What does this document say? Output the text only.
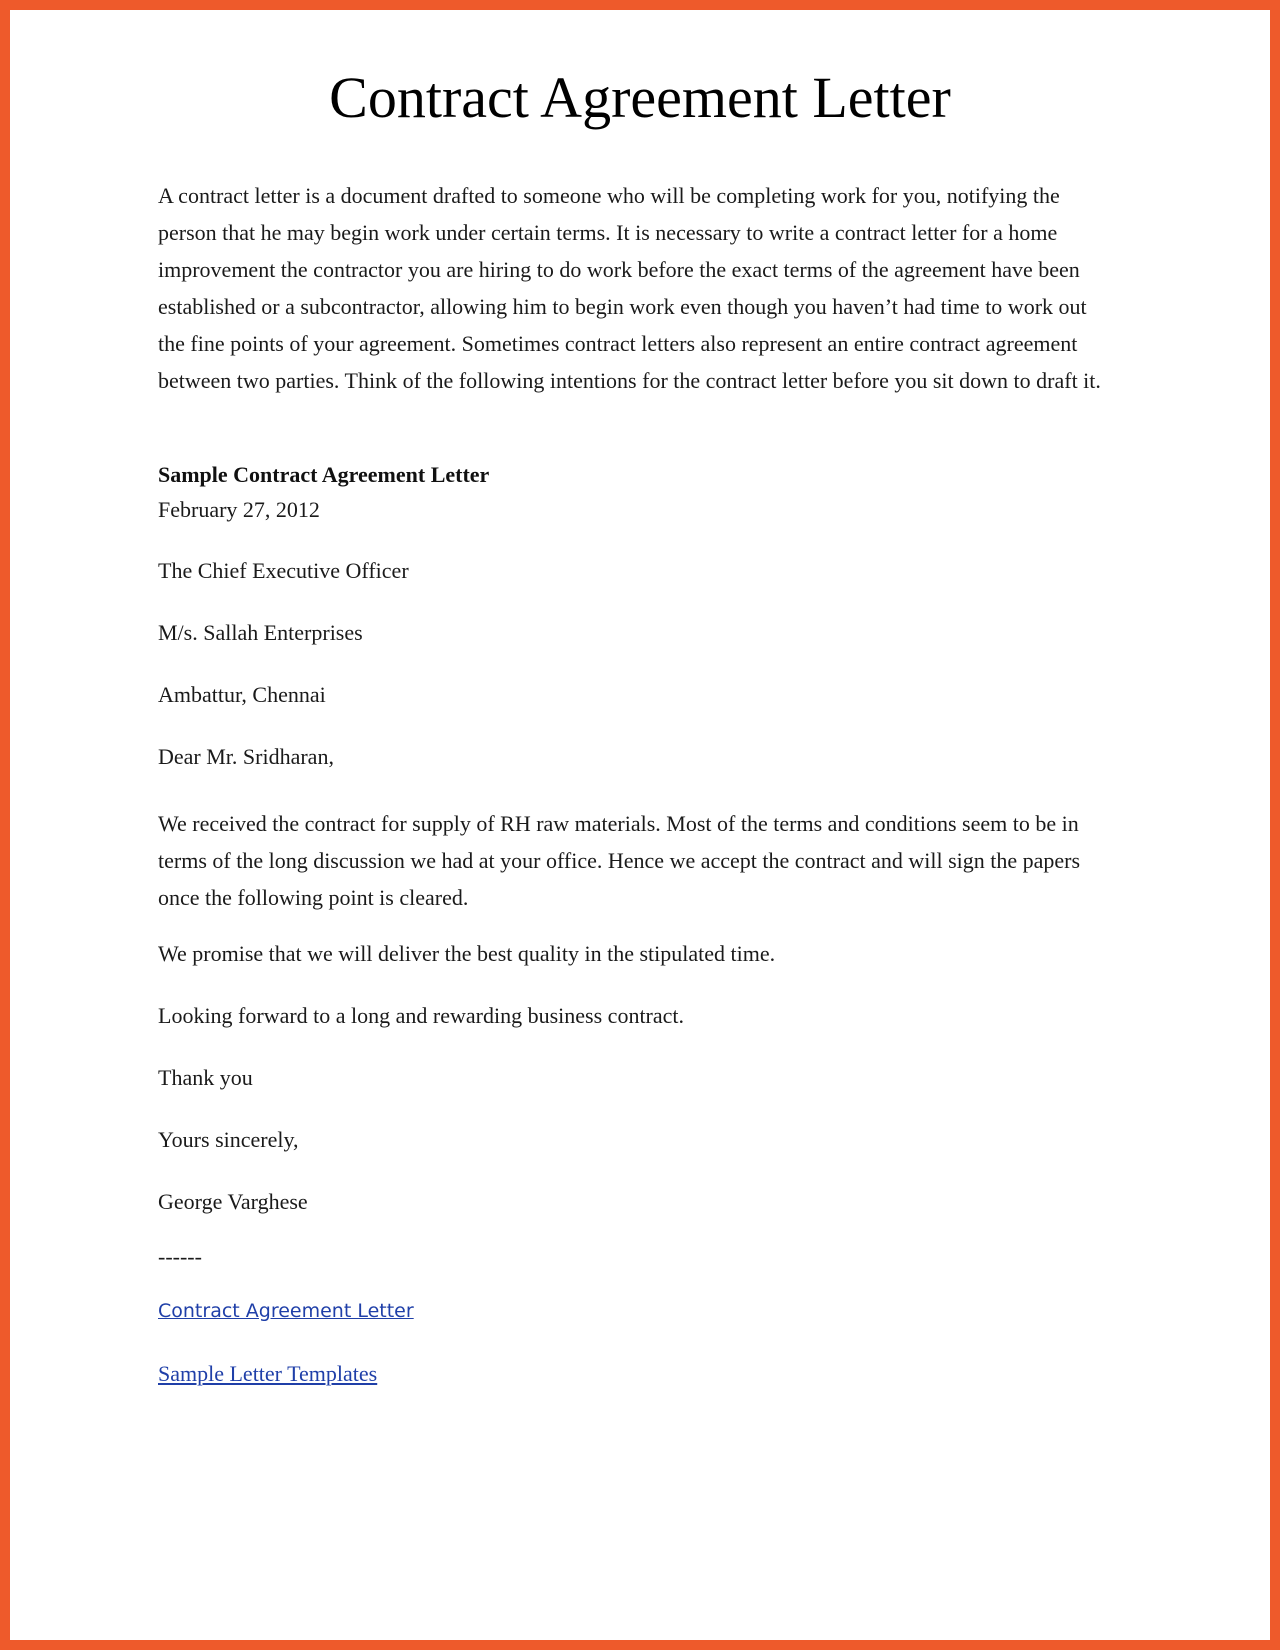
Contract Agreement Letter

A contract letter is a document drafted to someone who will be completing work for you, notifying the person that he may begin work under certain terms. It is necessary to write a contract letter for a home improvement the contractor you are hiring to do work before the exact terms of the agreement have been established or a subcontractor, allowing him to begin work even though you haven’t had time to work out the fine points of your agreement. Sometimes contract letters also represent an entire contract agreement between two parties. Think of the following intentions for the contract letter before you sit down to draft it.

Sample Contract Agreement Letter
February 27, 2012
The Chief Executive Officer
M/s. Sallah Enterprises
Ambattur, Chennai
Dear Mr. Sridharan,

We received the contract for supply of RH raw materials. Most of the terms and conditions seem to be in terms of the long discussion we had at your office. Hence we accept the contract and will sign the papers once the following point is cleared.

We promise that we will deliver the best quality in the stipulated time.
Looking forward to a long and rewarding business contract.
Thank you
Yours sincerely,
George Varghese
------
Contract Agreement Letter
Sample Letter Templates
